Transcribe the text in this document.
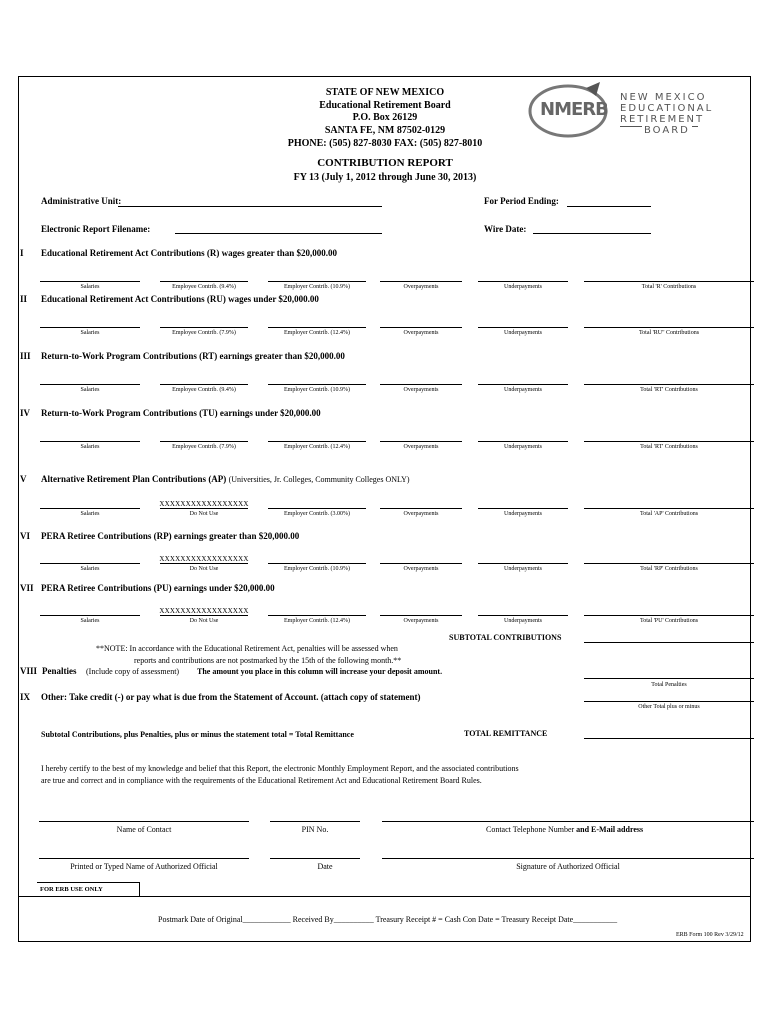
STATE OF NEW MEXICO
Educational Retirement Board
P.O. Box 26129
SANTA FE, NM 87502-0129
PHONE: (505) 827-8030 FAX: (505) 827-8010
CONTRIBUTION REPORT
FY 13 (July 1, 2012 through June 30, 2013)
NMERB
NEW MEXICO
EDUCATIONAL
RETIREMENT
BOARD
Administrative Unit:	For Period Ending:
Electronic Report Filename:	Wire Date:
I Educational Retirement Act Contributions (R) wages greater than $20,000.00
Salaries	Employee Contrib. (9.4%)	Employer Contrib. (10.9%)	Overpayments	Underpayments	Total 'R' Contributions
II Educational Retirement Act Contributions (RU) wages under $20,000.00
Salaries	Employee Contrib. (7.9%)	Employer Contrib. (12.4%)	Overpayments	Underpayments	Total 'RU" Contributions
III Return-to-Work Program Contributions (RT) earnings greater than $20,000.00
Salaries	Employee Contrib. (9.4%)	Employer Contrib. (10.9%)	Overpayments	Underpayments	Total 'RT' Contributions
IV Return-to-Work Program Contributions (TU) earnings under $20,000.00
Salaries	Employee Contrib. (7.9%)	Employer Contrib. (12.4%)	Overpayments	Underpayments	Total 'RT' Contributions
V Alternative Retirement Plan Contributions (AP) (Universities, Jr. Colleges, Community Colleges ONLY)
XXXXXXXXXXXXXXXXX
Salaries	Do Not Use	Employer Contrib. (3.00%)	Overpayments	Underpayments	Total 'AP' Contributions
VI PERA Retiree Contributions (RP) earnings greater than $20,000.00
XXXXXXXXXXXXXXXXX
Salaries	Do Not Use	Employer Contrib. (10.9%)	Overpayments	Underpayments	Total 'RP' Contributions
VII PERA Retiree Contributions (PU) earnings under $20,000.00
XXXXXXXXXXXXXXXXX
Salaries	Do Not Use	Employer Contrib. (12.4%)	Overpayments	Underpayments	Total 'PU' Contributions
SUBTOTAL CONTRIBUTIONS
**NOTE: In accordance with the Educational Retirement Act, penalties will be assessed when
reports and contributions are not postmarked by the 15th of the following month.**
VIII Penalties (Include copy of assessment) The amount you place in this column will increase your deposit amount.
Total Penalties
IX Other: Take credit (-) or pay what is due from the Statement of Account. (attach copy of statement)
Other Total plus or minus
Subtotal Contributions, plus Penalties, plus or minus the statement total = Total Remittance	TOTAL REMITTANCE
I hereby certify to the best of my knowledge and belief that this Report, the electronic Monthly Employment Report, and the associated contributions
are true and correct and in compliance with the requirements of the Educational Retirement Act and Educational Retirement Board Rules.
Name of Contact	PIN No.	Contact Telephone Number and E-Mail address
Printed or Typed Name of Authorized Official	Date	Signature of Authorized Official
FOR ERB USE ONLY
Postmark Date of Original____________ Received By__________ Treasury Receipt # = Cash Con Date = Treasury Receipt Date___________
ERB Form 100 Rev 3/29/12
